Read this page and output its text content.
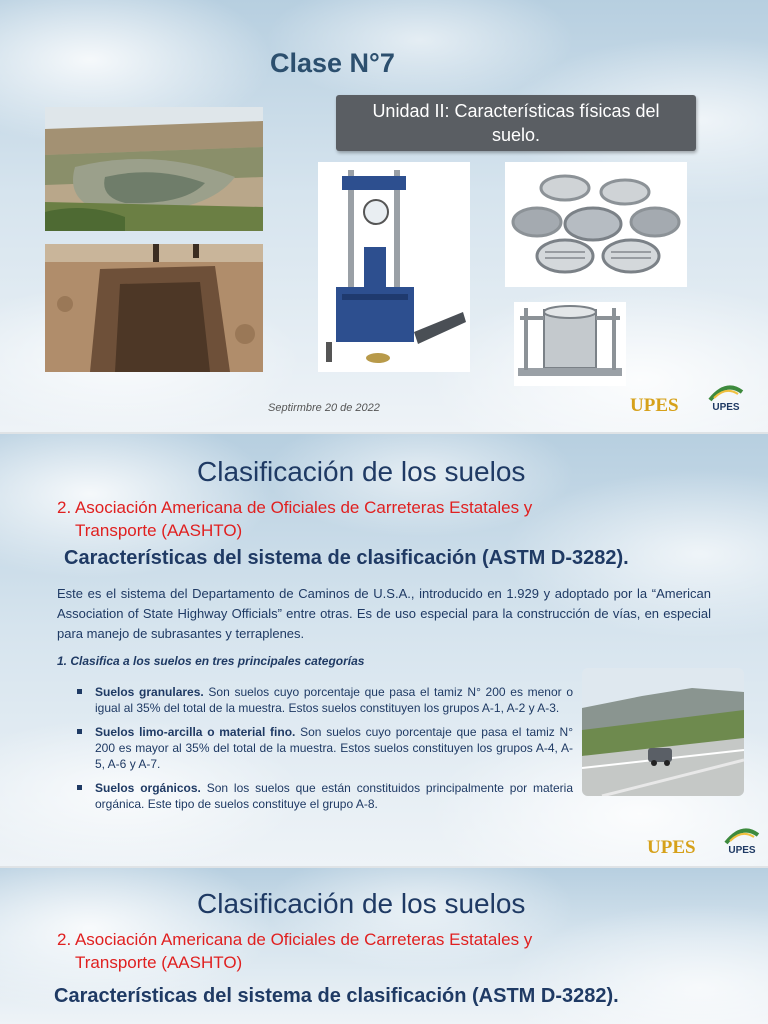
Clase N°7
Unidad II: Características físicas del suelo.
Septirmbre 20 de 2022	UPES	UPES
Clasificación de los suelos
2. Asociación Americana de Oficiales de Carreteras Estatales y
Transporte (AASHTO)
Características del sistema de clasificación (ASTM D-3282).

Este es el sistema del Departamento de Caminos de U.S.A., introducido en 1.929 y adoptado por la “American Association of State Highway Officials” entre otras. Es de uso especial para la construcción de vías, en especial para manejo de subrasantes y terraplenes.

1. Clasifica a los suelos en tres principales categorías
Suelos granulares. Son suelos cuyo porcentaje que pasa el tamiz N° 200 es menor o igual al 35% del total de la muestra. Estos suelos constituyen los grupos A-1, A-2 y A-3.
Suelos limo-arcilla o material fino. Son suelos cuyo porcentaje que pasa el tamiz N° 200 es mayor al 35% del total de la muestra. Estos suelos constituyen los grupos A-4, A-5, A-6 y A-7.
Suelos orgánicos. Son los suelos que están constituidos principalmente por materia orgánica. Este tipo de suelos constituye el grupo A-8.
UPES	UPES
Clasificación de los suelos
2. Asociación Americana de Oficiales de Carreteras Estatales y
Transporte (AASHTO)
Características del sistema de clasificación (ASTM D-3282).
